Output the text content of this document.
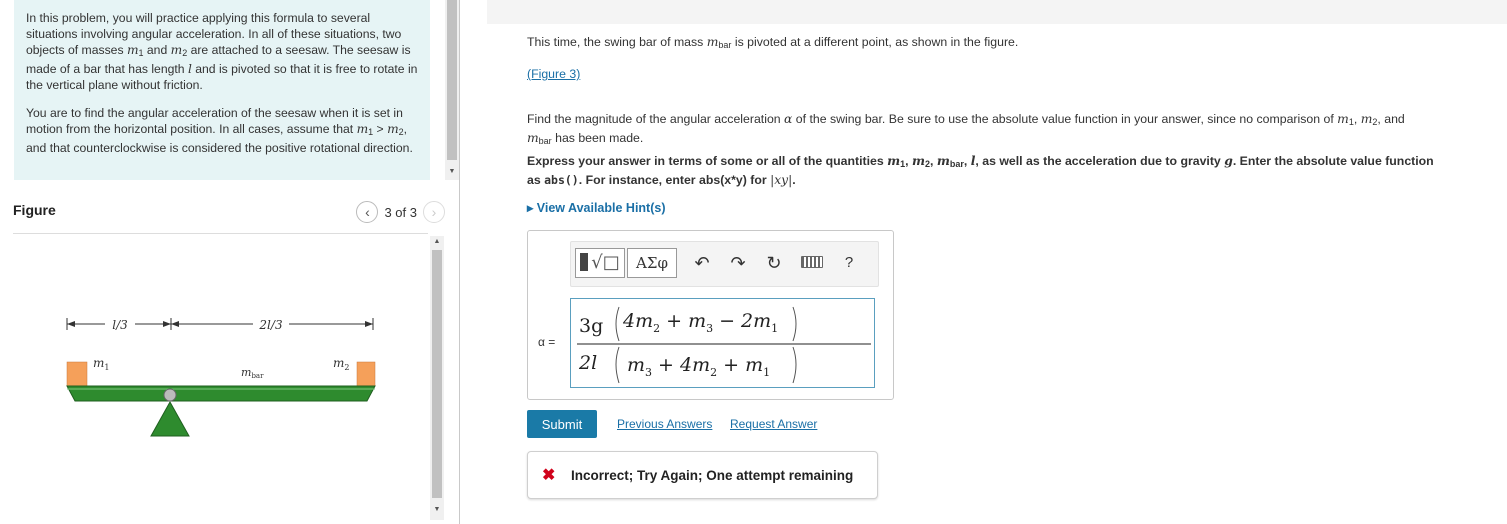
In this problem, you will practice applying this formula to several situations involving angular acceleration. In all of these situations, two objects of masses $m_1$ and $m_2$ are attached to a seesaw. The seesaw is made of a bar that has length l and is pivoted so that it is free to rotate in the vertical plane without friction.

You are to find the angular acceleration of the seesaw when it is set in motion from the horizontal position. In all cases, assume that $m_1 > m_2$, and that counterclockwise is considered the positive rotational direction.

▼
Figure	‹	3 of 3	›
l/3	2l/3
$m_1$	mbar
$m_2$
▲
▼
This time, the swing bar of mass $m_{bar}$ is pivoted at a different point, as shown in the figure.
(Figure 3)
Find the magnitude of the angular acceleration α of the swing bar. Be sure to use the absolute value function in your answer, since no comparison of $m_1$, $m_2$, and
$m_{bar}$ has been made.
Express your answer in terms of some or all of the quantities $m_1$, $m_2$, $m_{bar}$, l, as well as the acceleration due to gravity g. Enter the absolute value function
as abs(). For instance, enter abs(x*y) for |xy|.
▸ View Available Hint(s)
√□	ΑΣφ	↶ ↷ ↻	?
α =
3g
2l
$4m_2 + m_3 - 2m_1$
$m_3 + 4m_2 + m_1$
Submit	Previous Answers Request Answer
✖ Incorrect; Try Again; One attempt remaining
